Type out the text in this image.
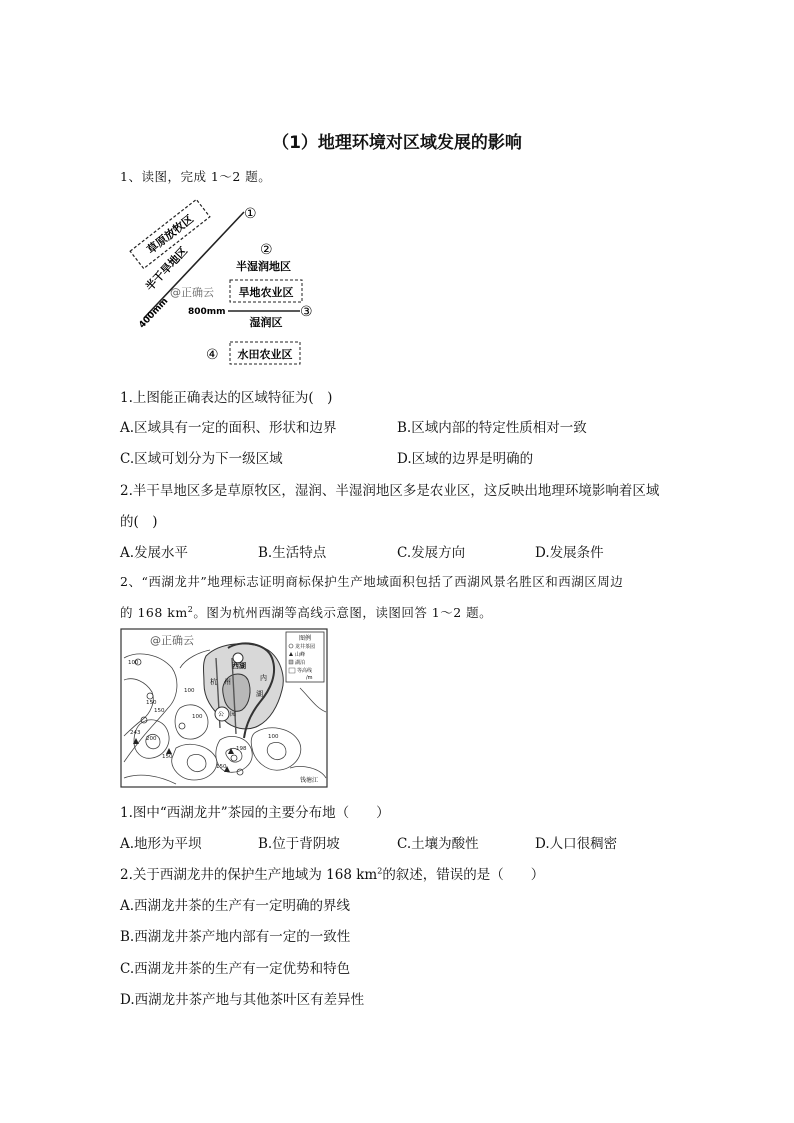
（1）地理环境对区域发展的影响
1、读图，完成 1～2 题。
草原放牧区
半干旱地区
400mm
@正确云
①
②
半湿润地区
旱地农业区
800mm	③
湿润区
④ 水田农业区
1.上图能正确表达的区域特征为(　)
A.区域具有一定的面积、形状和边界	B.区域内部的特定性质相对一致
C.区域可划分为下一级区域	D.区域的边界是明确的
2.半干旱地区多是草原牧区，湿润、半湿润地区多是农业区，这反映出地理环境影响着区域
的(　)
A.发展水平	B.生活特点	C.发展方向	D.发展条件
2、“西湖龙井”地理标志证明商标保护生产地域面积包括了西湖风景名胜区和西湖区周边
的 168 $km^2$。图为杭州西湖等高线示意图，读图回答 1～2 题。
@正确云	图例
龙井茶园
山峰
湖泊
等高线
/m
西湖
杭 州	内
湖
公 园
钱塘江
100
100
100
100
150
150
150
150
243
198
200
1.图中“西湖龙井”茶园的主要分布地（　　）
A.地形为平坝	B.位于背阴坡	C.土壤为酸性	D.人口很稠密
2.关于西湖龙井的保护生产地域为 168 $km^2$的叙述，错误的是（　　）
A.西湖龙井茶的生产有一定明确的界线
B.西湖龙井茶产地内部有一定的一致性
C.西湖龙井茶的生产有一定优势和特色
D.西湖龙井茶产地与其他茶叶区有差异性
